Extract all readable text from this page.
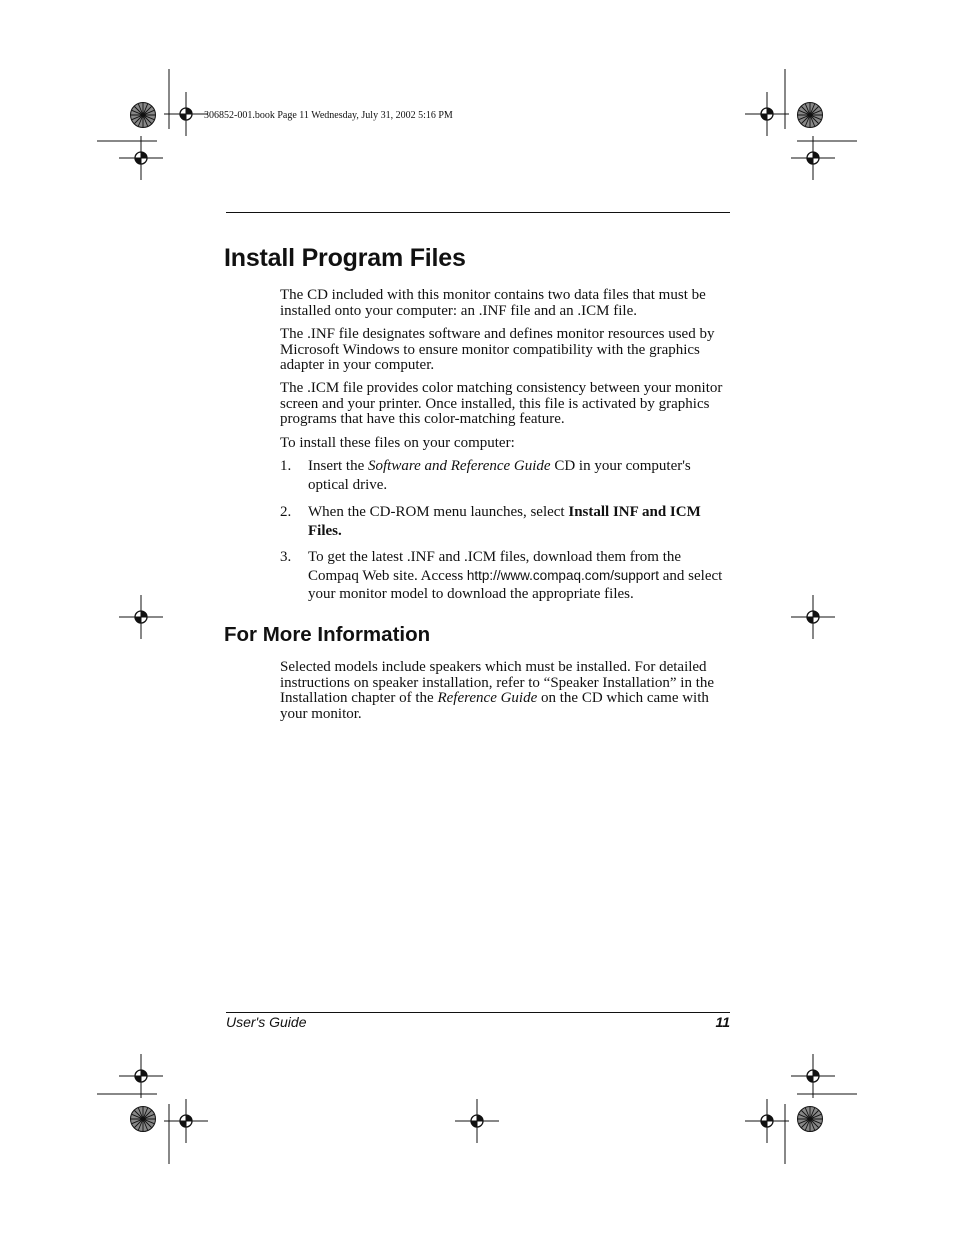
306852-001.book Page 11 Wednesday, July 31, 2002 5:16 PM
Install Program Files

The CD included with this monitor contains two data files that must be installed onto your computer: an .INF file and an .ICM file.

The .INF file designates software and defines monitor resources used by Microsoft Windows to ensure monitor compatibility with the graphics adapter in your computer.

The .ICM file provides color matching consistency between your monitor screen and your printer. Once installed, this file is activated by graphics programs that have this color-matching feature.

To install these files on your computer:

1. Insert the Software and Reference Guide CD in your computer's optical drive.
2. When the CD-ROM menu launches, select Install INF and ICM Files.
3. To get the latest .INF and .ICM files, download them from the Compaq Web site. Access http://www.compaq.com/support and select your monitor model to download the appropriate files.
For More Information

Selected models include speakers which must be installed. For detailed instructions on speaker installation, refer to “Speaker Installation” in the Installation chapter of the Reference Guide on the CD which came with your monitor.

User's Guide	11
